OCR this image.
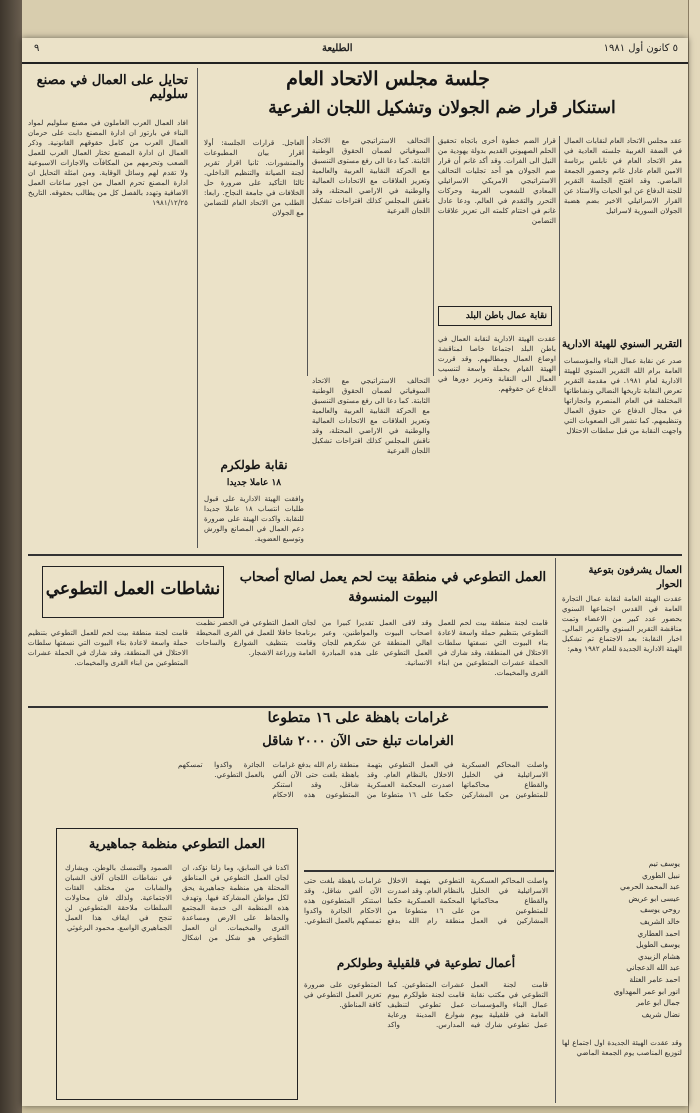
٩	الطليعة	٥ كانون أول ١٩٨١
جلسة مجلس الاتحاد العام
استنكار قرار ضم الجولان وتشكيل اللجان الفرعية
عقد مجلس الاتحاد العام لنقابات العمال في الضفة الغربية جلسته العادية في مقر الاتحاد العام في نابلس برئاسة الامين العام عادل غانم وحضور الجمعة الماضي. وقد افتتح الجلسة التقرير للجنة الدفاع عن ابو الحيات والاستاذ عن القرار الاسرائيلي الاخير بضم هضبة الجولان السورية لاسرائيل
قرار الضم خطوة أخرى باتجاه تحقيق الحلم الصهيوني القديم بدولة يهودية من النيل الى الفرات. وقد أكد غانم أن قرار ضم الجولان هو أحد تجليات التحالف الاستراتيجي الامريكي الاسرائيلي المعادي للشعوب العربية وحركات التحرر والتقدم في العالم. ودعا عادل غانم في اختتام كلمته الى تعزيز علاقات التضامن
التحالف الاستراتيجي مع الاتحاد السوفياتي لضمان الحقوق الوطنية الثابتة. كما دعا الى رفع مستوى التنسيق مع الحركة النقابية العربية والعالمية وتعزيز العلاقات مع الاتحادات العمالية والوطنية في الاراضي المحتلة، وقد ناقش المجلس كذلك اقتراحات تشكيل اللجان الفرعية
العاجل. قرارات الجلسة: أولا اقرار بيان المطبوعات والمنشورات. ثانيا اقرار تقرير لجنة الصيانة والتنظيم الداخلي. ثالثا التأكيد على ضرورة حل الخلافات في جامعة النجاح. رابعا: الطلب من الاتحاد العام للتضامن مع الجولان
تحايل على العمال في مصنع سلوليم
افاد العمال العرب العاملون في مصنع سلوليم لمواد البناء في بارتوز ان ادارة المصنع دابت على حرمان العمال العرب من كامل حقوقهم القانونية. وذكر العمال ان ادارة المصنع تختار العمال العرب للعمل الصعب وتحرمهم من المكافآت والاجازات الاسبوعية ولا تقدم لهم وسائل الوقاية. ومن امثلة التحايل ان ادارة المصنع تحرم العمال من اجور ساعات العمل الاضافية وتهدد بالفصل كل من يطالب بحقوقه. التاريخ ١٩٨١/١٢/٢٥
التقرير السنوي للهيئة الادارية
صدر عن نقابة عمال البناء والمؤسسات العامة برام الله التقرير السنوي للهيئة الادارية لعام ١٩٨١. في مقدمة التقرير تعرض النقابة تاريخها النضالي ونشاطاتها المختلفة في العام المنصرم وانجازاتها في مجال الدفاع عن حقوق العمال وتنظيمهم. كما تشير الى الصعوبات التي واجهت النقابة من قبل سلطات الاحتلال
نقابة عمال باطن البلد
عقدت الهيئة الادارية لنقابة العمال في باطن البلد اجتماعا خاصا لمناقشة اوضاع العمال ومطالبهم. وقد قررت الهيئة القيام بحملة واسعة لتنسيب العمال الى النقابة وتعزيز دورها في الدفاع عن حقوقهم.
نقابة طولكرم
١٨ عاملا جديدا
وافقت الهيئة الادارية على قبول طلبات انتساب ١٨ عاملا جديدا للنقابة. واكدت الهيئة على ضرورة دعم العمال في المصانع والورش وتوسيع العضوية.
التحالف الاستراتيجي مع الاتحاد السوفياتي لضمان الحقوق الوطنية الثابتة. كما دعا الى رفع مستوى التنسيق مع الحركة النقابية العربية والعالمية وتعزيز العلاقات مع الاتحادات العمالية والوطنية في الاراضي المحتلة، وقد ناقش المجلس كذلك اقتراحات تشكيل اللجان الفرعية
نشاطات العمل التطوعي
العمل التطوعي في منطقة بيت لحم يعمل لصالح أصحاب البيوت المنسوفة
قامت لجنة منطقة بيت لحم للعمل التطوعي بتنظيم حملة واسعة لاعادة بناء البيوت التي نسفتها سلطات الاحتلال في المنطقة، وقد شارك في الحملة عشرات المتطوعين من ابناء القرى والمخيمات.
وقد لاقى العمل تقديرا كبيرا من اصحاب البيوت والمواطنين، وعبر اهالي المنطقة عن شكرهم للجان العمل التطوعي على هذه المبادرة الانسانية.
لجان العمل التطوعي في الخضر نظمت برنامجا حافلا للعمل في القرى المحيطة وقامت بتنظيف الشوارع والساحات العامة وزراعة الاشجار.
قامت لجنة منطقة بيت لحم للعمل التطوعي بتنظيم حملة واسعة لاعادة بناء البيوت التي نسفتها سلطات الاحتلال في المنطقة، وقد شارك في الحملة عشرات المتطوعين من ابناء القرى والمخيمات.
العمال يشرفون بتوعية الحوار
عقدت الهيئة العامة لنقابة عمال التجارة العامة في القدس اجتماعها السنوي بحضور عدد كبير من الاعضاء وتمت مناقشة التقرير السنوي والتقرير المالي. اخبار النقابة: بعد الاجتماع تم تشكيل الهيئة الادارية الجديدة للعام ١٩٨٢ وهم:
يوسف تيم
نبيل الطوري
عبد المحمد الحرمي
عيسى ابو عريض
روحي يوسف
خالد الشريف
احمد العطاري
يوسف الطويل
هشام الزبيدي
عبد الله الدعجاني
احمد عامر الغتلة
انور ابو عمر المهداوي
جمال ابو عامر
نضال شريف
وقد عقدت الهيئة الجديدة اول اجتماع لها لتوزيع المناصب يوم الجمعة الماضي
غرامات باهظة على ١٦ متطوعا
الغرامات تبلغ حتى الآن ٢٠٠٠ شاقل
واصلت المحاكم العسكرية الاسرائيلية في الخليل والقطاع محاكماتها للمتطوعين من المشاركين في العمل التطوعي بتهمة الاخلال بالنظام العام. وقد اصدرت المحكمة العسكرية حكما على ١٦ متطوعا من منطقة رام الله بدفع غرامات باهظة بلغت حتى الآن ألفي شاقل، وقد استنكر المتطوعون هذه الاحكام الجائرة واكدوا تمسكهم بالعمل التطوعي.
العمل التطوعي منظمة جماهيرية
اكدنا في السابق، وما زلنا نؤكد، ان لجان العمل التطوعي في المناطق المحتلة هي منظمة جماهيرية يحق لكل مواطن المشاركة فيها. وتهدف هذه المنظمة الى خدمة المجتمع والحفاظ على الارض ومساعدة القرى والمخيمات. ان العمل التطوعي هو شكل من اشكال الصمود والتمسك بالوطن. ويشارك في نشاطات اللجان آلاف الشبان والشابات من مختلف الفئات الاجتماعية. ولذلك فان محاولات السلطات ملاحقة المتطوعين لن تنجح في ايقاف هذا العمل الجماهيري الواسع. محمود البرغوثي
أعمال تطوعية في قلقيلية وطولكرم
قامت لجنة العمل التطوعي في مكتب نقابة عمال البناء والمؤسسات العامة في قلقيلية بيوم عمل تطوعي شارك فيه عشرات المتطوعين. كما قامت لجنة طولكرم بيوم عمل تطوعي لتنظيف شوارع المدينة ورعاية المدارس. واكد المتطوعون على ضرورة تعزيز العمل التطوعي في كافة المناطق.
واصلت المحاكم العسكرية الاسرائيلية في الخليل والقطاع محاكماتها للمتطوعين من المشاركين في العمل التطوعي بتهمة الاخلال بالنظام العام. وقد اصدرت المحكمة العسكرية حكما على ١٦ متطوعا من منطقة رام الله بدفع غرامات باهظة بلغت حتى الآن ألفي شاقل، وقد استنكر المتطوعون هذه الاحكام الجائرة واكدوا تمسكهم بالعمل التطوعي.
